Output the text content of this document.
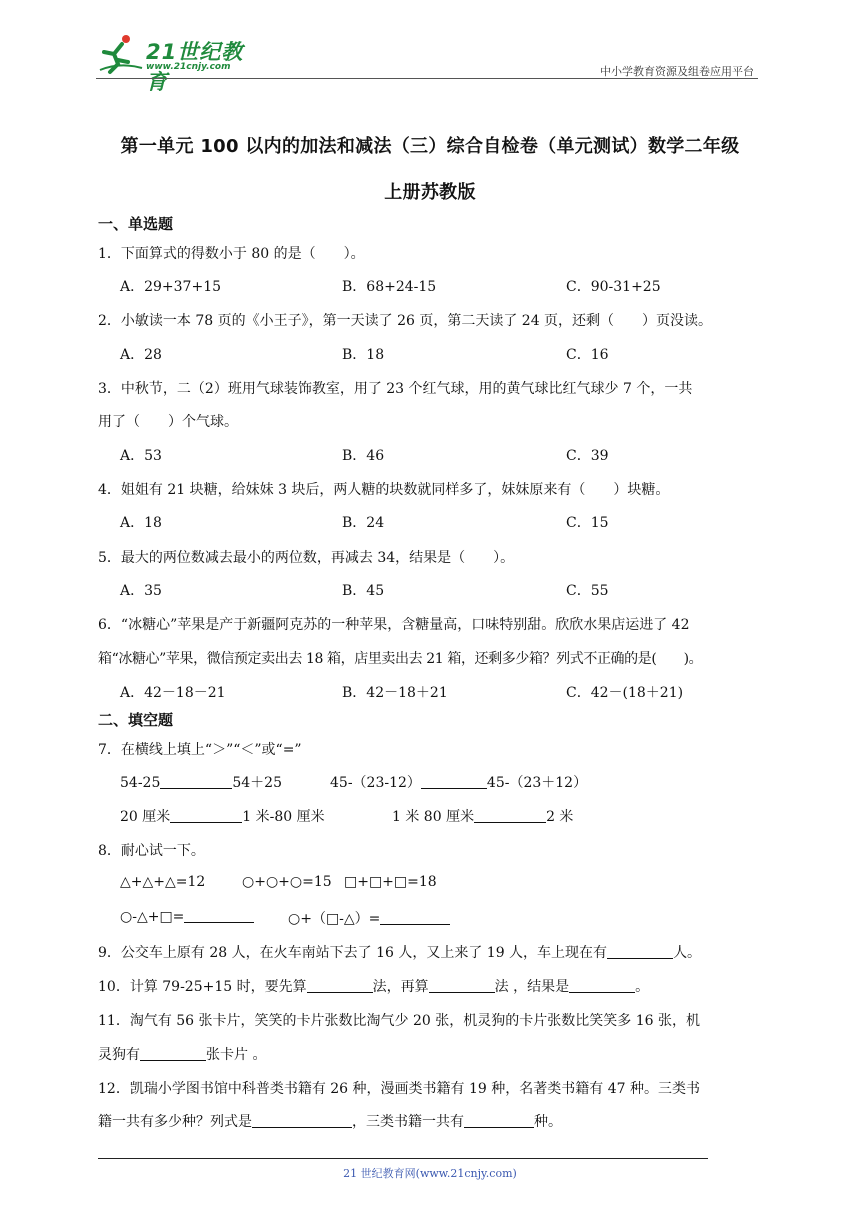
21世纪教育
www.21cnjy.com	中小学教育资源及组卷应用平台
第一单元 100 以内的加法和减法（三）综合自检卷（单元测试）数学二年级
上册苏教版
一、单选题
1．下面算式的得数小于 80 的是（　　）。
A．29+37+15	B．68+24-15	C．90-31+25
2．小敏读一本 78 页的《小王子》，第一天读了 26 页，第二天读了 24 页，还剩（　　）页没读。
A．28	B．18	C．16
3．中秋节，二（2）班用气球装饰教室，用了 23 个红气球，用的黄气球比红气球少 7 个，一共
用了（　　）个气球。
A．53	B．46	C．39
4．姐姐有 21 块糖，给妹妹 3 块后，两人糖的块数就同样多了，妹妹原来有（　　）块糖。
A．18	B．24	C．15
5．最大的两位数减去最小的两位数，再减去 34，结果是（　　）。
A．35	B．45	C．55
6．“冰糖心”苹果是产于新疆阿克苏的一种苹果，含糖量高，口味特别甜。欣欣水果店运进了 42
箱“冰糖心”苹果，微信预定卖出去 18 箱，店里卖出去 21 箱，还剩多少箱？列式不正确的是(　　)。
A．42－18－21	B．42－18＋21	C．42－(18＋21)
二、填空题
7．在横线上填上“＞”“＜”或“=”
54-25	54＋25	45-（23-12）	45-（23＋12）
20 厘米	1 米-80 厘米	1 米 80 厘米	2 米
8．耐心试一下。
△+△+△=12	○+○+○=15 □+□+□=18
○-△+□=	○+（□-△）=
9．公交车上原有 28 人，在火车南站下去了 16 人，又上来了 19 人，车上现在有	人。
10．计算 79-25+15 时，要先算	法，再算	法 ，结果是	。
11．淘气有 56 张卡片，笑笑的卡片张数比淘气少 20 张，机灵狗的卡片张数比笑笑多 16 张，机
灵狗有	张卡片 。
12．凯瑞小学图书馆中科普类书籍有 26 种，漫画类书籍有 19 种，名著类书籍有 47 种。三类书
籍一共有多少种？列式是	，三类书籍一共有	种。
21 世纪教育网(www.21cnjy.com)
